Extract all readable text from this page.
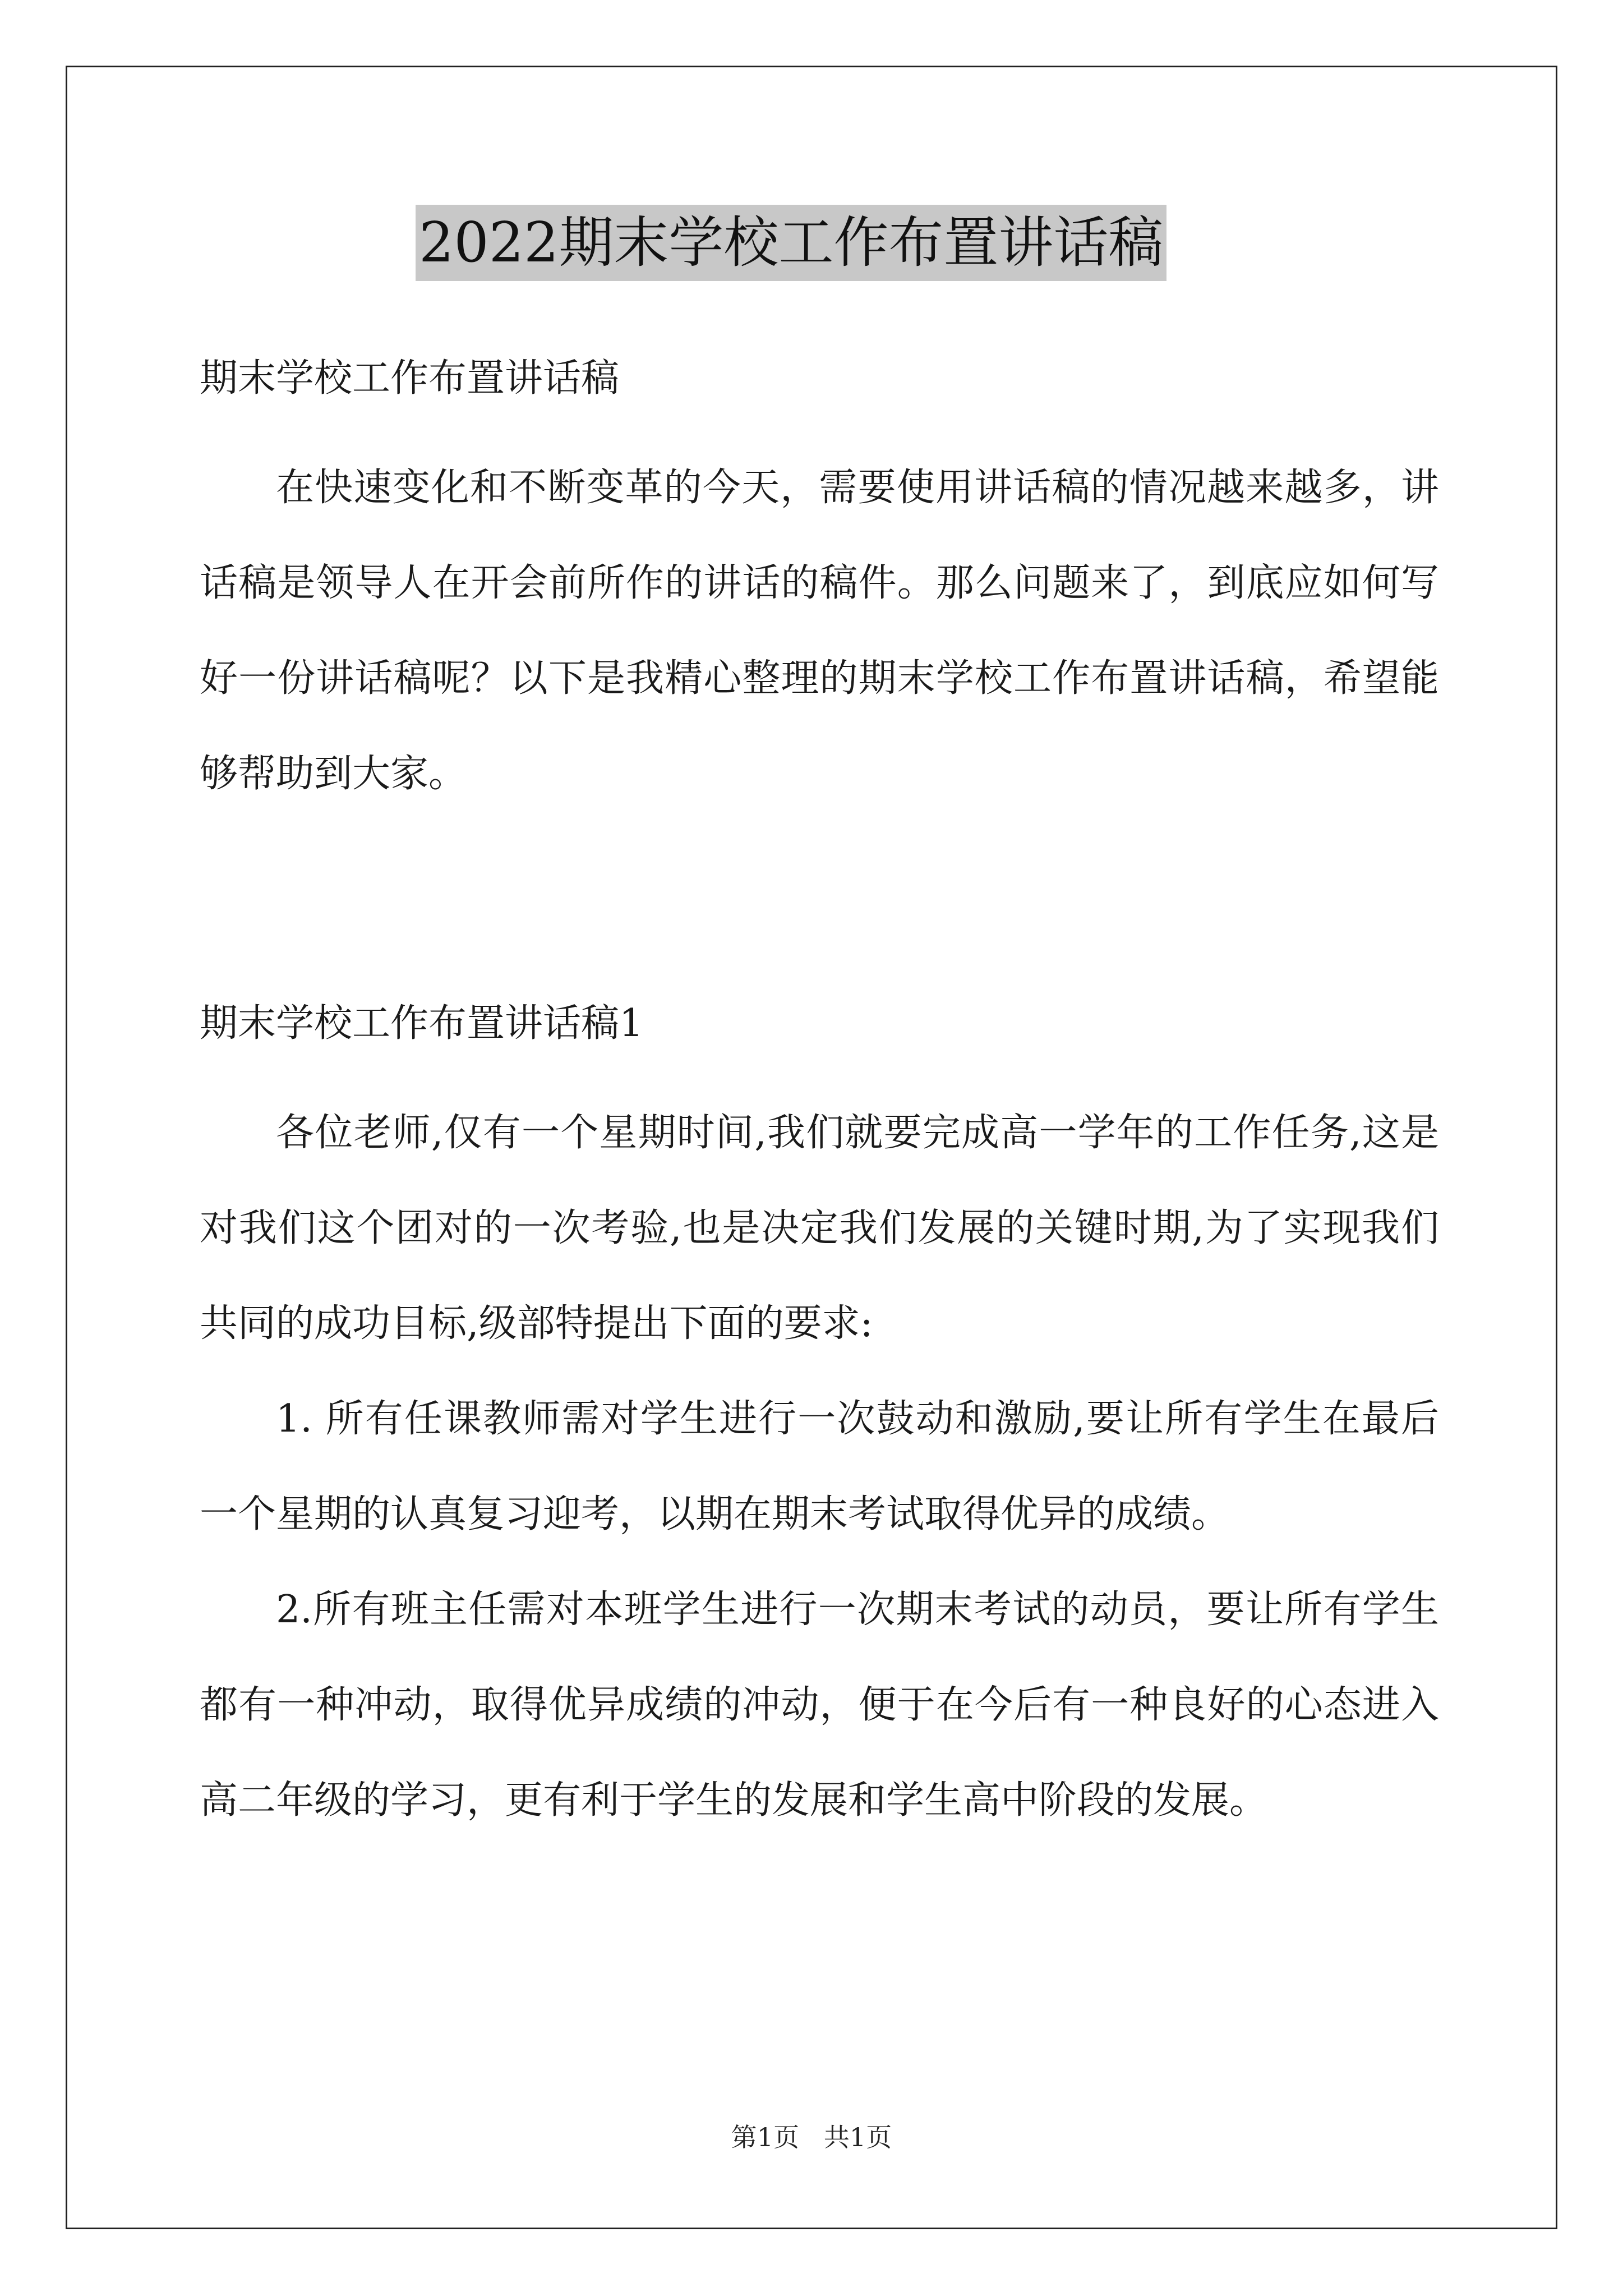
2022期末学校工作布置讲话稿
期末学校工作布置讲话稿

在快速变化和不断变革的今天，需要使用讲话稿的情况越来越多，讲话稿是领导人在开会前所作的讲话的稿件。那么问题来了，到底应如何写好一份讲话稿呢？以下是我精心整理的期末学校工作布置讲话稿，希望能够帮助到大家。

期末学校工作布置讲话稿1

各位老师,仅有一个星期时间,我们就要完成高一学年的工作任务,这是对我们这个团对的一次考验,也是决定我们发展的关键时期,为了实现我们共同的成功目标,级部特提出下面的要求:

1. 所有任课教师需对学生进行一次鼓动和激励,要让所有学生在最后一个星期的认真复习迎考，以期在期末考试取得优异的成绩。

2.所有班主任需对本班学生进行一次期末考试的动员，要让所有学生都有一种冲动，取得优异成绩的冲动，便于在今后有一种良好的心态进入高二年级的学习，更有利于学生的发展和学生高中阶段的发展。

第1页   共1页
